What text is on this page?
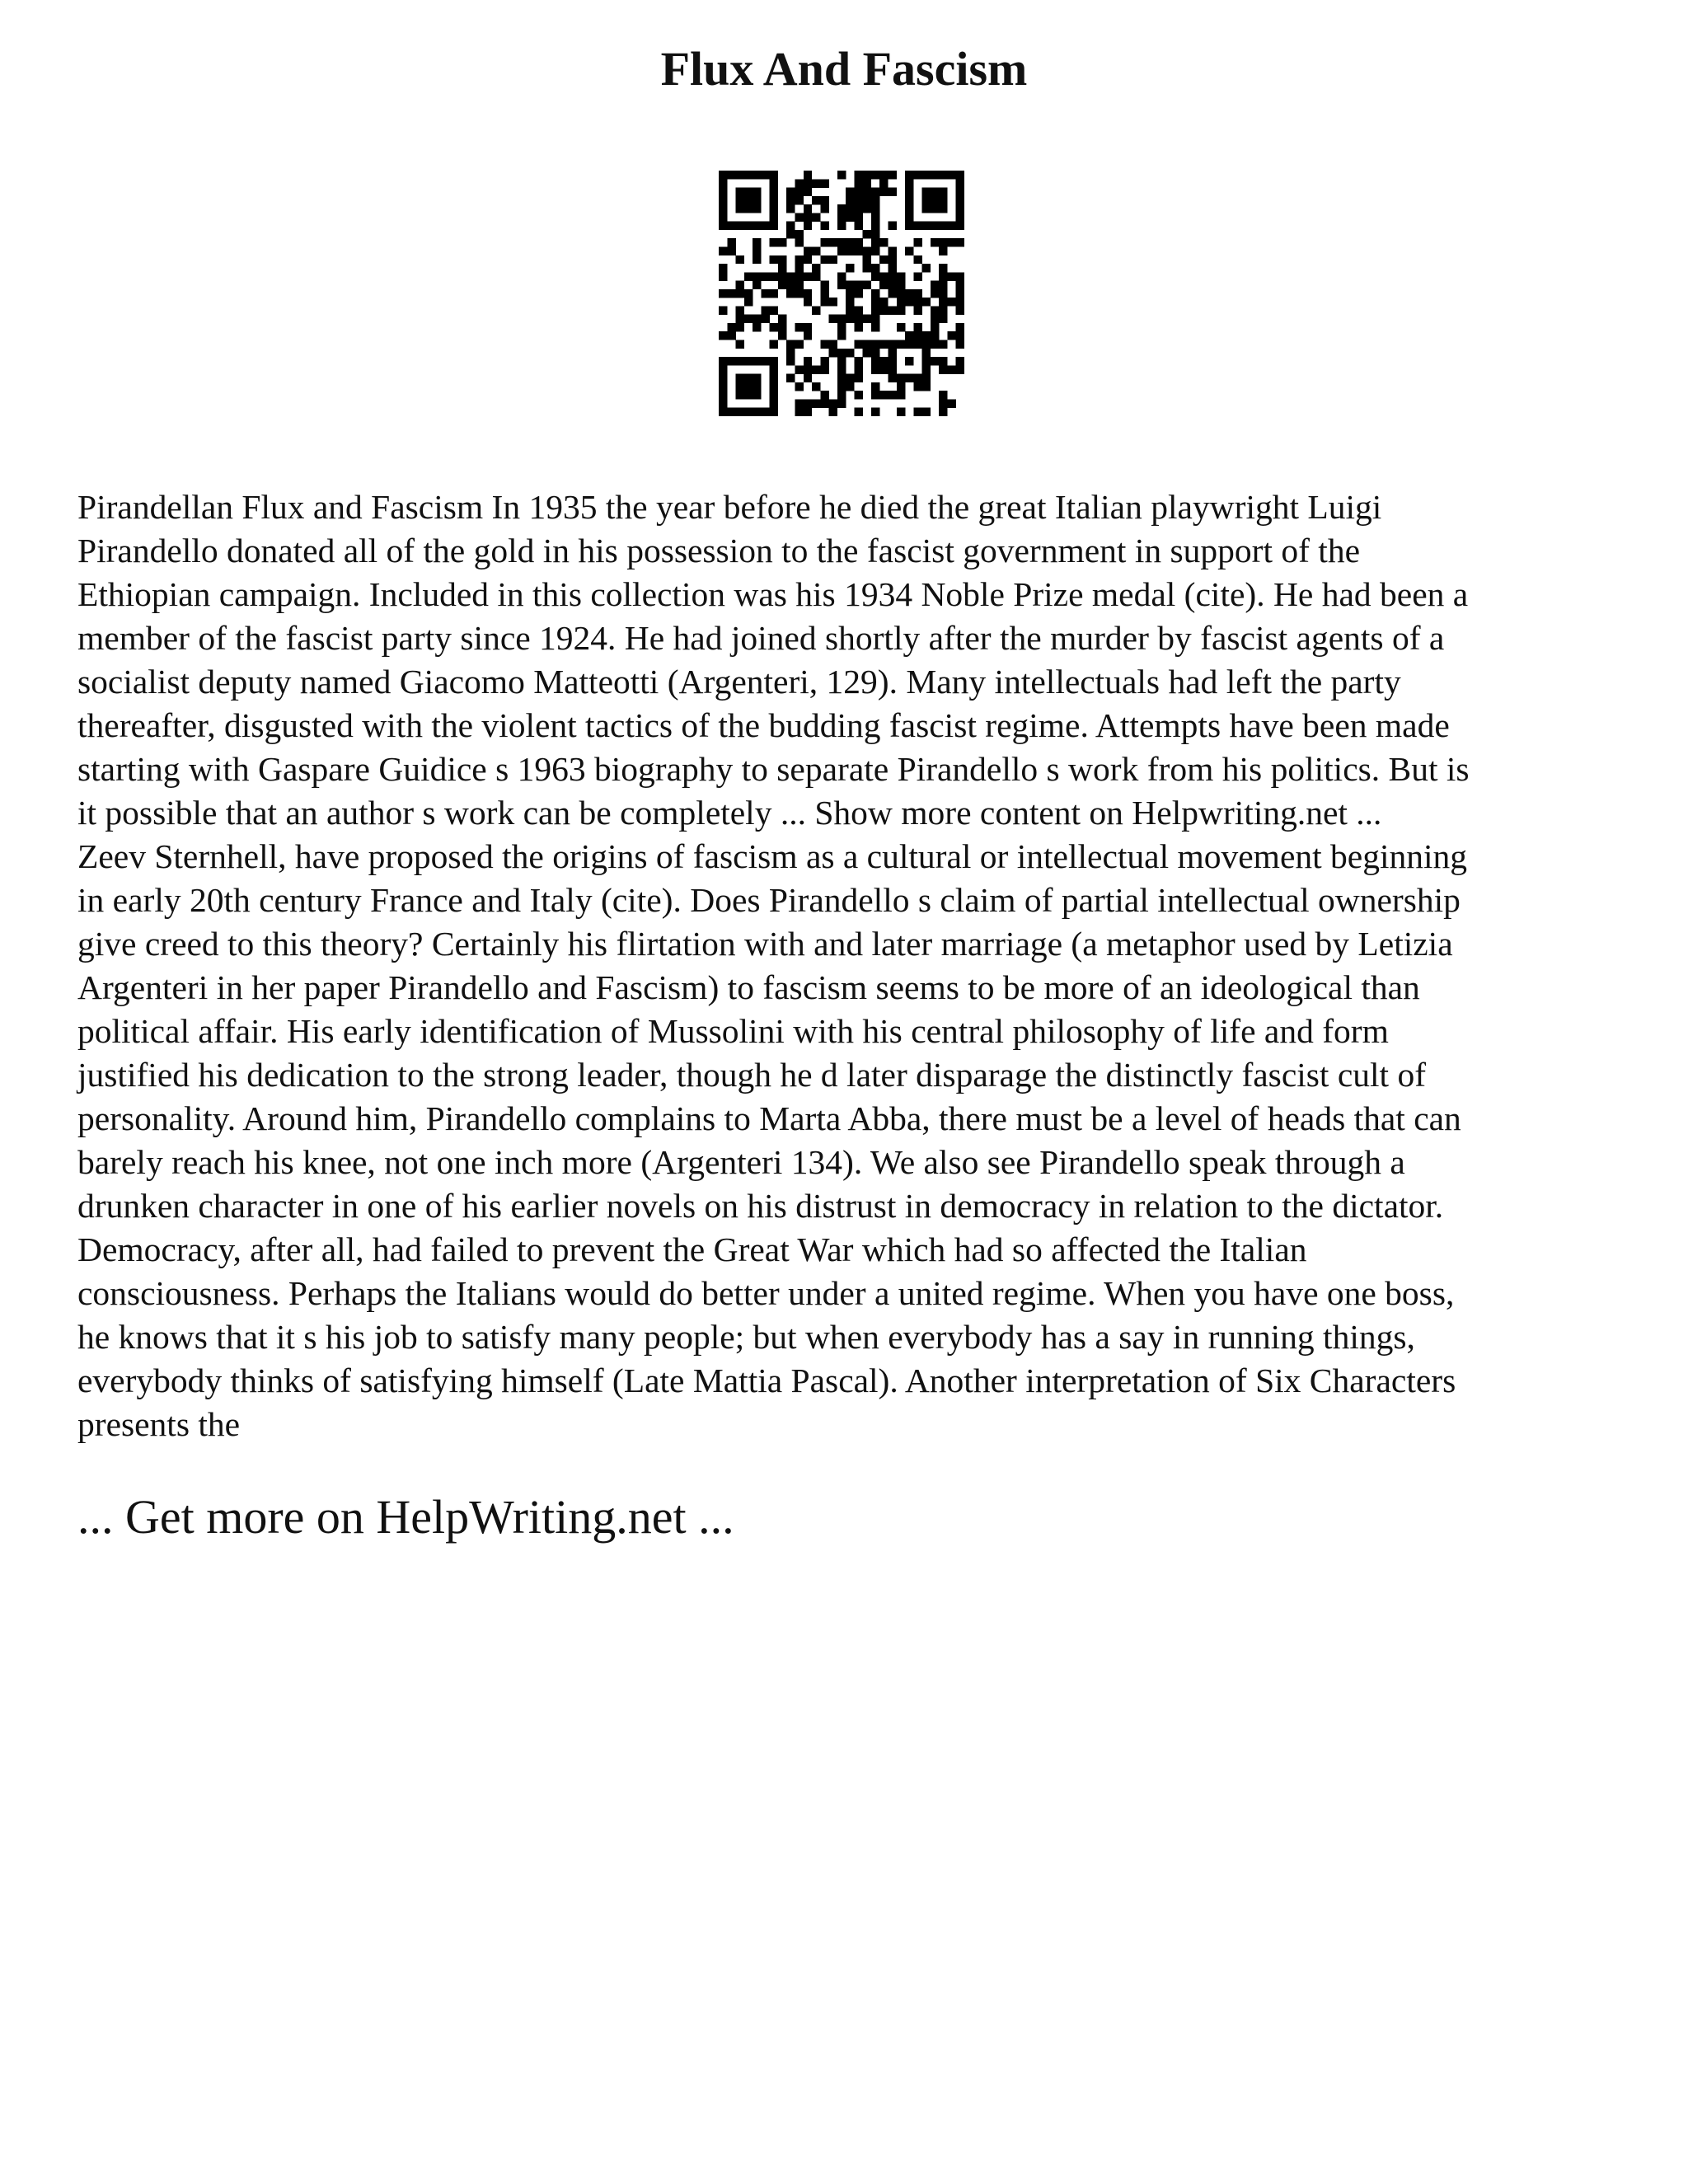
Flux And Fascism

Pirandellan Flux and Fascism In 1935 the year before he died the great Italian playwright Luigi
Pirandello donated all of the gold in his possession to the fascist government in support of the
Ethiopian campaign. Included in this collection was his 1934 Noble Prize medal (cite). He had been a
member of the fascist party since 1924. He had joined shortly after the murder by fascist agents of a
socialist deputy named Giacomo Matteotti (Argenteri, 129). Many intellectuals had left the party
thereafter, disgusted with the violent tactics of the budding fascist regime. Attempts have been made
starting with Gaspare Guidice s 1963 biography to separate Pirandello s work from his politics. But is
it possible that an author s work can be completely ... Show more content on Helpwriting.net ...
Zeev Sternhell, have proposed the origins of fascism as a cultural or intellectual movement beginning
in early 20th century France and Italy (cite). Does Pirandello s claim of partial intellectual ownership
give creed to this theory? Certainly his flirtation with and later marriage (a metaphor used by Letizia
Argenteri in her paper Pirandello and Fascism) to fascism seems to be more of an ideological than
political affair. His early identification of Mussolini with his central philosophy of life and form
justified his dedication to the strong leader, though he d later disparage the distinctly fascist cult of
personality. Around him, Pirandello complains to Marta Abba, there must be a level of heads that can
barely reach his knee, not one inch more (Argenteri 134). We also see Pirandello speak through a
drunken character in one of his earlier novels on his distrust in democracy in relation to the dictator.
Democracy, after all, had failed to prevent the Great War which had so affected the Italian
consciousness. Perhaps the Italians would do better under a united regime. When you have one boss,
he knows that it s his job to satisfy many people; but when everybody has a say in running things,
everybody thinks of satisfying himself (Late Mattia Pascal). Another interpretation of Six Characters
presents the

... Get more on HelpWriting.net ...
